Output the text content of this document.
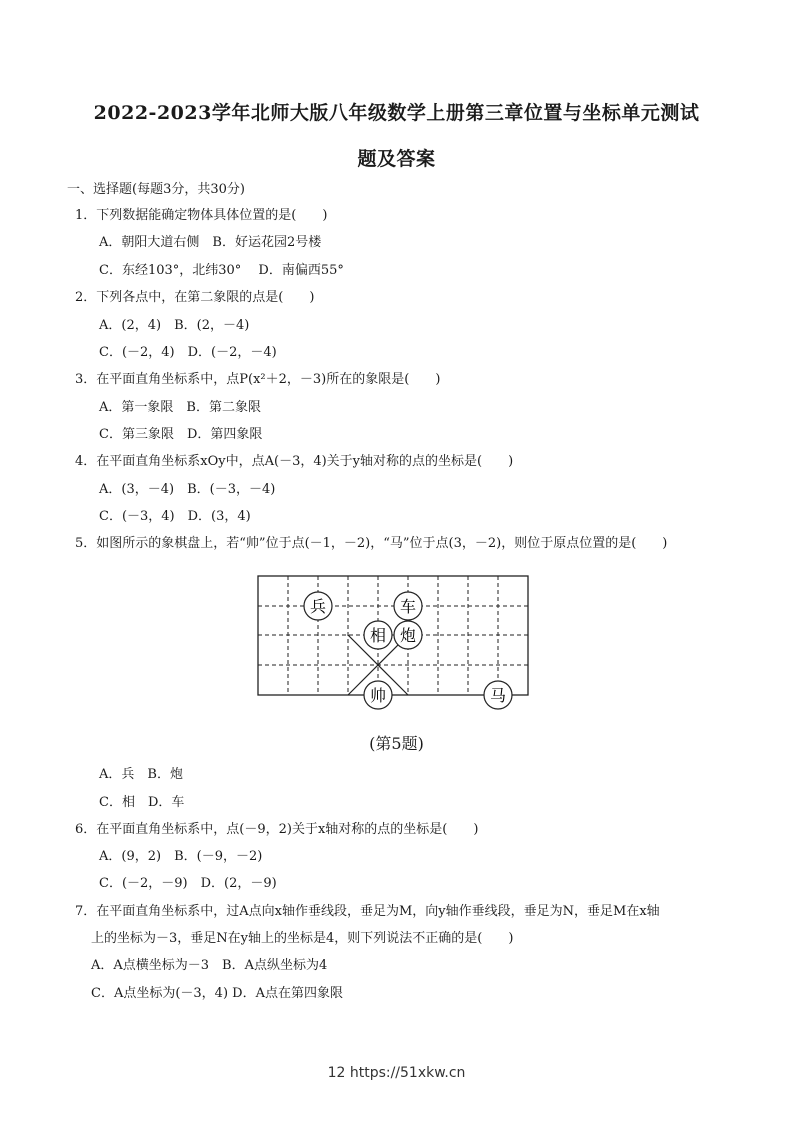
2022-2023学年北师大版八年级数学上册第三章位置与坐标单元测试
题及答案
一、选择题(每题3分，共30分)
1．下列数据能确定物体具体位置的是(　　)
A．朝阳大道右侧　B．好运花园2号楼
C．东经103°，北纬30°　 D．南偏西55°
2．下列各点中，在第二象限的点是(　　)
A．(2，4)　B．(2，－4)
C．(－2，4)　D．(－2，－4)
3．在平面直角坐标系中，点P(x²＋2，－3)所在的象限是(　　)
A．第一象限　B．第二象限
C．第三象限　D．第四象限
4．在平面直角坐标系xOy中，点A(－3，4)关于y轴对称的点的坐标是(　　)
A．(3，－4)　B．(－3，－4)
C．(－3，4)　D．(3，4)
5．如图所示的象棋盘上，若“帅”位于点(－1，－2)，“马”位于点(3，－2)，则位于原点位置的是(　　)
兵	车
相 炮
帅	马
(第5题)
A．兵　B．炮
C．相　D．车
6．在平面直角坐标系中，点(－9，2)关于x轴对称的点的坐标是(　　)
A．(9，2)　B．(－9，－2)
C．(－2，－9)　D．(2，－9)
7．在平面直角坐标系中，过A点向x轴作垂线段，垂足为M，向y轴作垂线段，垂足为N，垂足M在x轴
上的坐标为－3，垂足N在y轴上的坐标是4，则下列说法不正确的是(　　)
A．A点横坐标为－3　B．A点纵坐标为4
C．A点坐标为(－3，4) D．A点在第四象限
12 https://51xkw.cn
